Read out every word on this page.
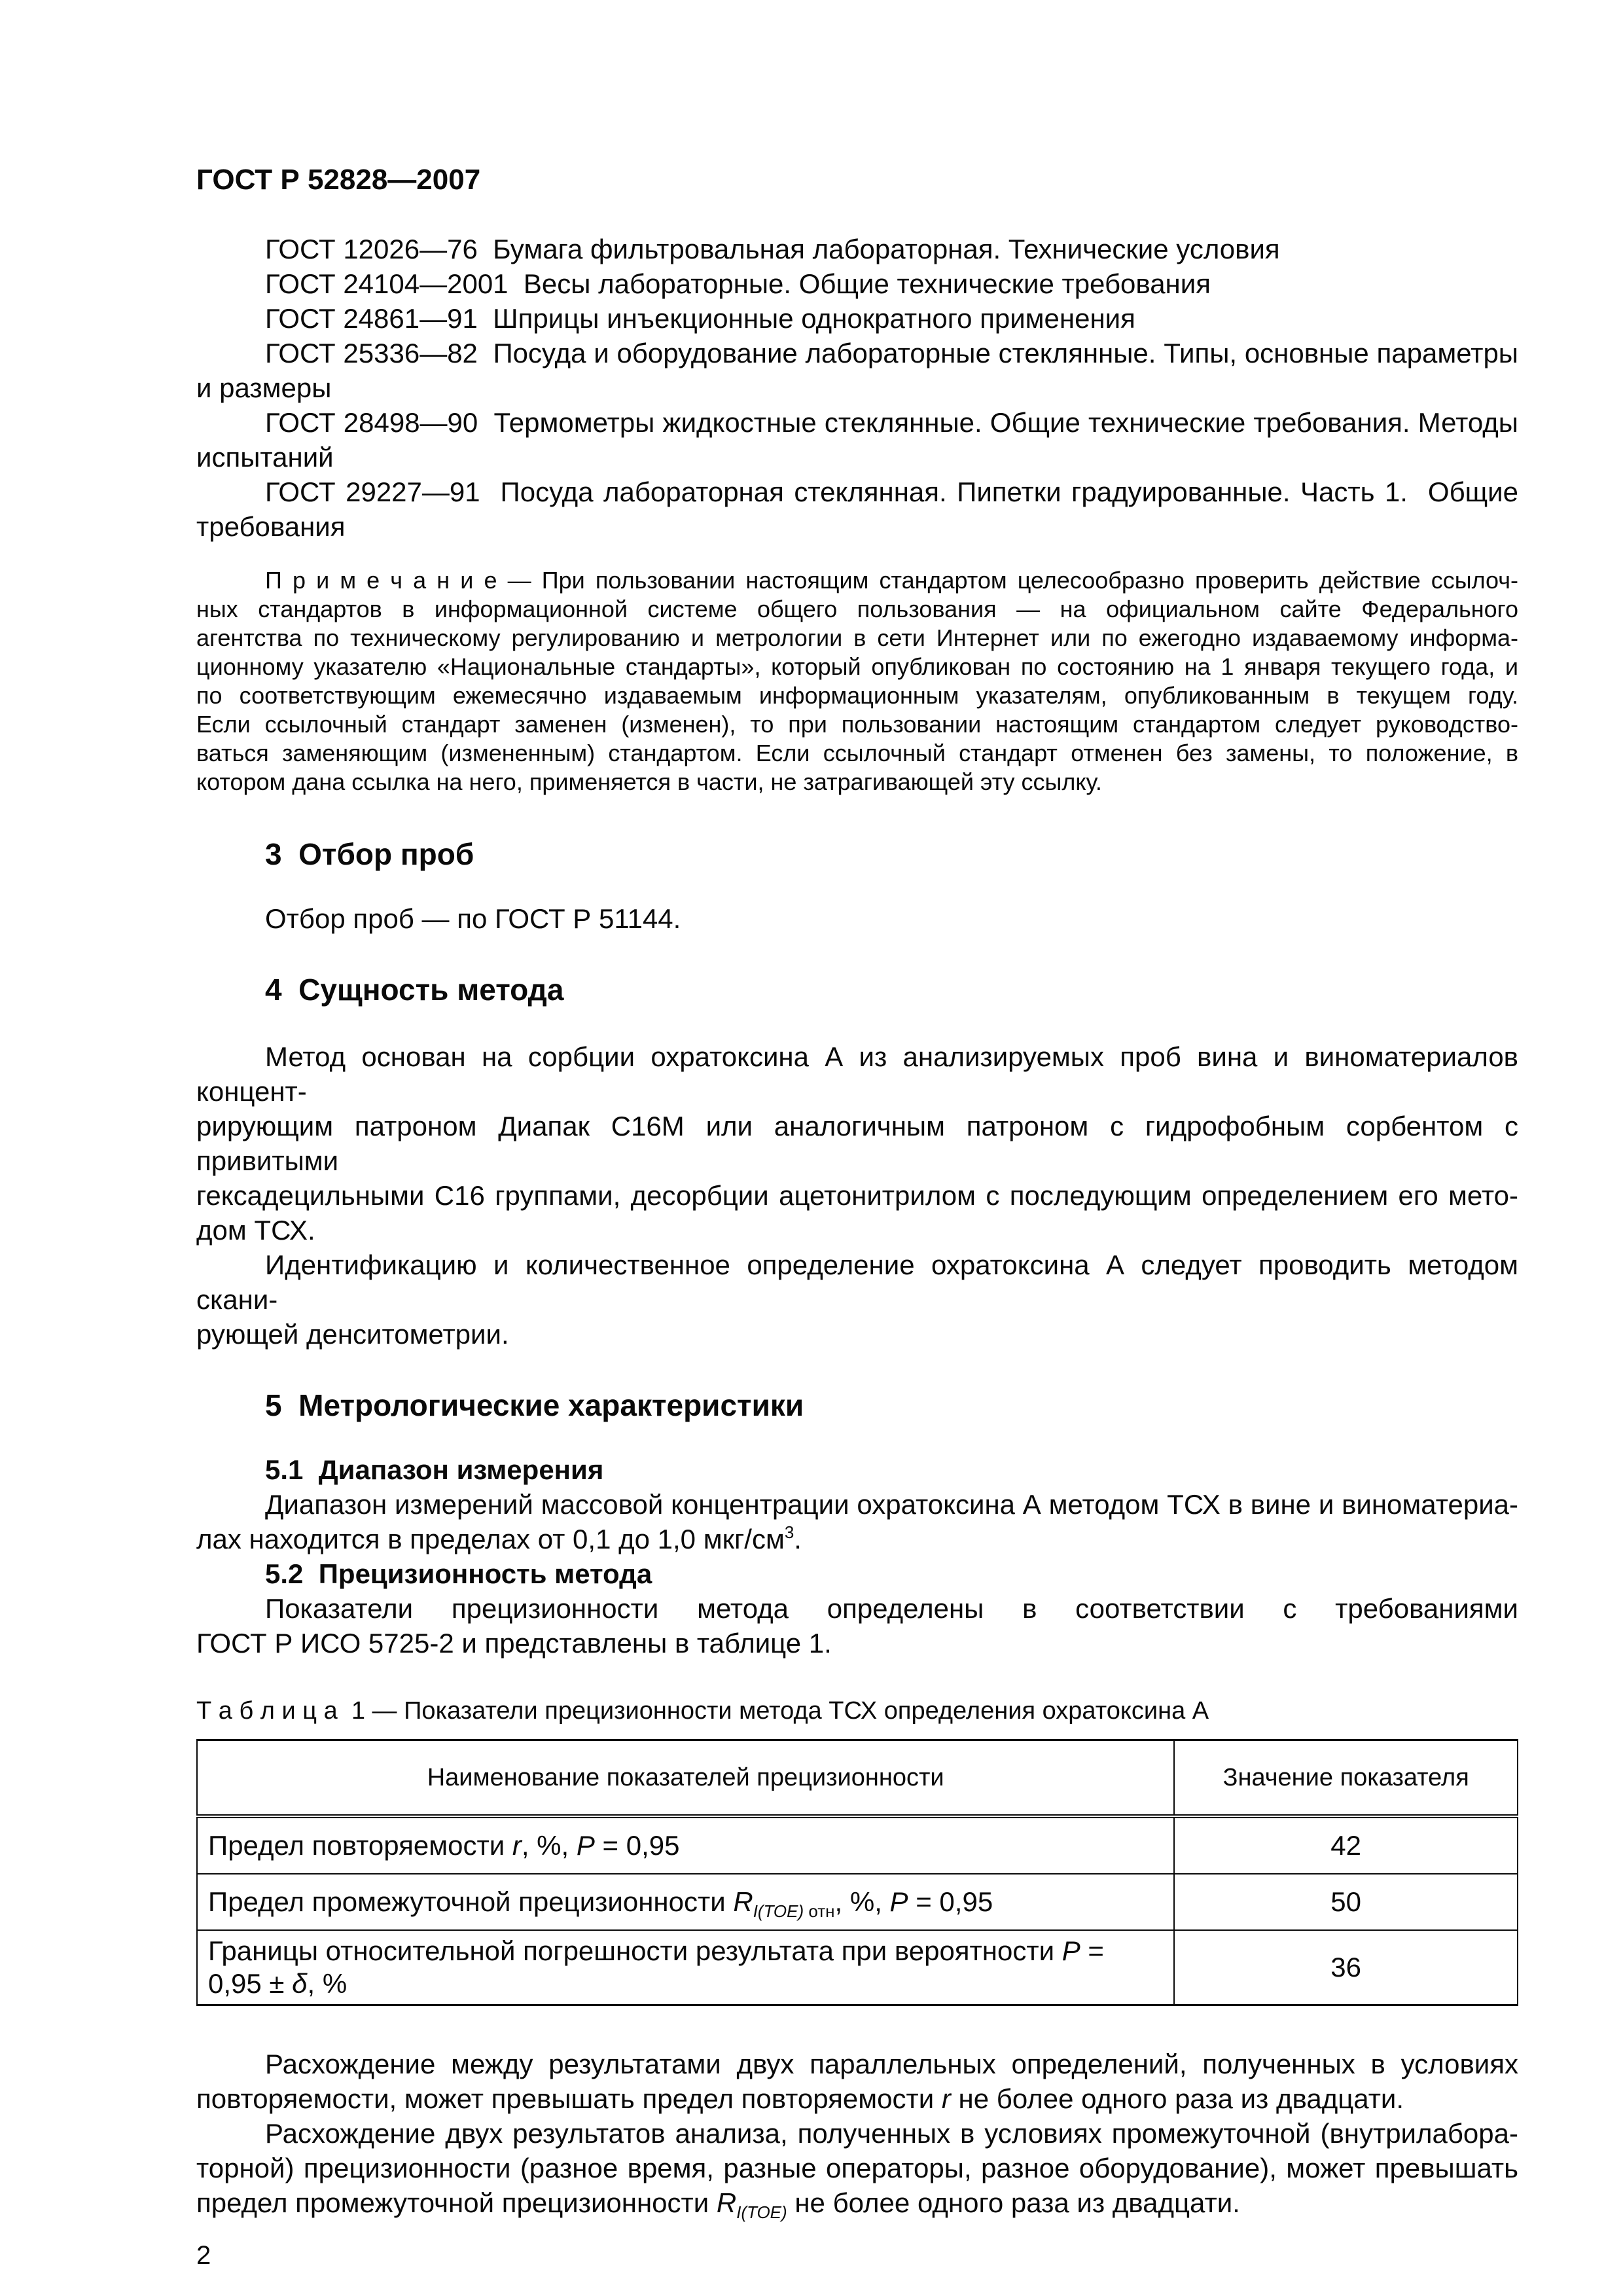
ГОСТ Р 52828—2007

ГОСТ 12026—76  Бумага фильтровальная лабораторная. Технические условия

ГОСТ 24104—2001  Весы лабораторные. Общие технические требования

ГОСТ 24861—91  Шприцы инъекционные однократного применения

ГОСТ 25336—82  Посуда и оборудование лабораторные стеклянные. Типы, основные параметры
и размеры

ГОСТ 28498—90  Термометры жидкостные стеклянные. Общие технические требования. Методы
испытаний

ГОСТ 29227—91  Посуда лабораторная стеклянная. Пипетки градуированные. Часть 1.  Общие
требования

П р и м е ч а н и е — При пользовании настоящим стандартом целесообразно проверить действие ссылоч-
ных стандартов в информационной системе общего пользования — на официальном сайте Федерального
агентства по техническому регулированию и метрологии в сети Интернет или по ежегодно издаваемому информа-
ционному указателю «Национальные стандарты», который опубликован по состоянию на 1 января текущего года, и
по соответствующим ежемесячно издаваемым информационным указателям, опубликованным в текущем году.
Если ссылочный стандарт заменен (изменен), то при пользовании настоящим стандартом следует руководство-
ваться заменяющим (измененным) стандартом. Если ссылочный стандарт отменен без замены, то положение, в
котором дана ссылка на него, применяется в части, не затрагивающей эту ссылку.

3  Отбор проб

Отбор проб — по ГОСТ Р 51144.

4  Сущность метода

Метод основан на сорбции охратоксина А из анализируемых проб вина и виноматериалов концент-
рирующим патроном Диапак С16М или аналогичным патроном с гидрофобным сорбентом с привитыми
гексадецильными С16 группами, десорбции ацетонитрилом с последующим определением его мето-
дом ТСХ.

Идентификацию и количественное определение охратоксина А следует проводить методом скани-
рующей денситометрии.

5  Метрологические характеристики
5.1  Диапазон измерения

Диапазон измерений массовой концентрации охратоксина А методом ТСХ в вине и виноматериа-
лах находится в пределах от 0,1 до 1,0 мкг/$см^3$.

5.2  Прецизионность метода

Показатели прецизионности метода определены в соответствии с требованиями
ГОСТ Р ИСО 5725-2 и представлены в таблице 1.

Т а б л и ц а  1 — Показатели прецизионности метода ТСХ определения охратоксина А
Наименование показателей прецизионности	Значение показателя
Предел повторяемости r, %, P = 0,95	42
Предел промежуточной прецизионности $R_{I(ТОЕ)}$ $_{отн}$, %, P = 0,95	50
Границы относительной погрешности результата при вероятности P = 0,95 ± δ, %	36

Расхождение между результатами двух параллельных определений, полученных в условиях
повторяемости, может превышать предел повторяемости r не более одного раза из двадцати.

Расхождение двух результатов анализа, полученных в условиях промежуточной (внутрилабора-
торной) прецизионности (разное время, разные операторы, разное оборудование), может превышать
предел промежуточной прецизионности $R_{I(ТОЕ)}$ не более одного раза из двадцати.

2
